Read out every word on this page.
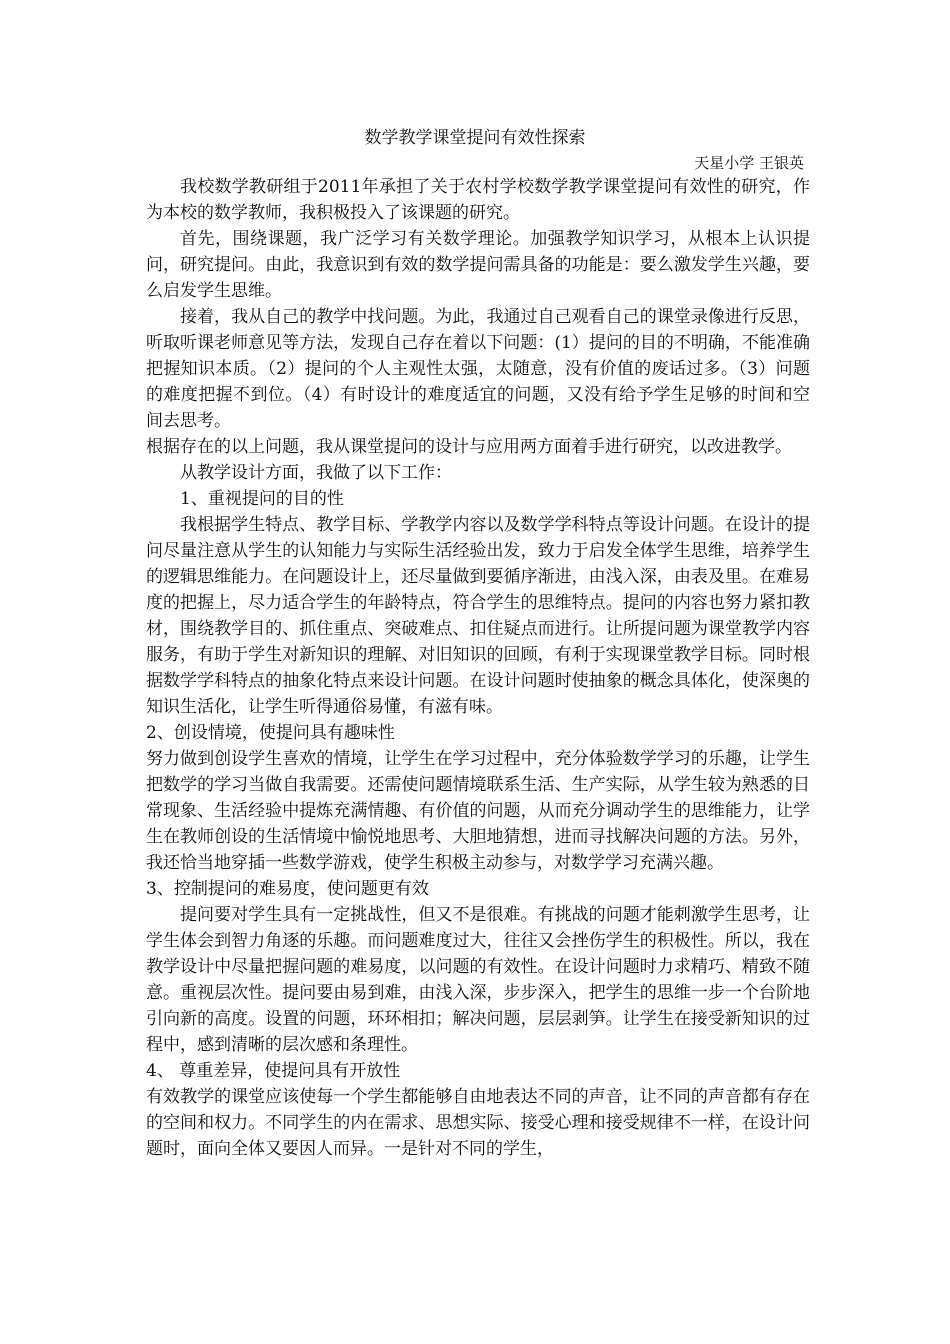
数学教学课堂提问有效性探索
天星小学 王银英

我校数学教研组于2011年承担了关于农村学校数学教学课堂提问有效性的研究，作为本校的数学教师，我积极投入了该课题的研究。

首先，围绕课题，我广泛学习有关数学理论。加强教学知识学习，从根本上认识提问，研究提问。由此，我意识到有效的数学提问需具备的功能是：要么激发学生兴趣，要么启发学生思维。

接着，我从自己的教学中找问题。为此，我通过自己观看自己的课堂录像进行反思，听取听课老师意见等方法，发现自己存在着以下问题：(1）提问的目的不明确，不能准确把握知识本质。（2）提问的个人主观性太强，太随意，没有价值的废话过多。（3）问题的难度把握不到位。（4）有时设计的难度适宜的问题，又没有给予学生足够的时间和空间去思考。

根据存在的以上问题，我从课堂提问的设计与应用两方面着手进行研究，以改进教学。

从教学设计方面，我做了以下工作：

1、重视提问的目的性

我根据学生特点、教学目标、学教学内容以及数学学科特点等设计问题。在设计的提问尽量注意从学生的认知能力与实际生活经验出发，致力于启发全体学生思维，培养学生的逻辑思维能力。在问题设计上，还尽量做到要循序渐进，由浅入深，由表及里。在难易度的把握上，尽力适合学生的年龄特点，符合学生的思维特点。提问的内容也努力紧扣教材，围绕教学目的、抓住重点、突破难点、扣住疑点而进行。让所提问题为课堂教学内容服务，有助于学生对新知识的理解、对旧知识的回顾，有利于实现课堂教学目标。同时根据数学学科特点的抽象化特点来设计问题。在设计问题时使抽象的概念具体化，使深奥的知识生活化，让学生听得通俗易懂，有滋有味。

2、创设情境，使提问具有趣味性

努力做到创设学生喜欢的情境，让学生在学习过程中，充分体验数学学习的乐趣，让学生把数学的学习当做自我需要。还需使问题情境联系生活、生产实际，从学生较为熟悉的日常现象、生活经验中提炼充满情趣、有价值的问题，从而充分调动学生的思维能力，让学生在教师创设的生活情境中愉悦地思考、大胆地猜想，进而寻找解决问题的方法。另外，我还恰当地穿插一些数学游戏，使学生积极主动参与，对数学学习充满兴趣。

3、控制提问的难易度，使问题更有效

提问要对学生具有一定挑战性，但又不是很难。有挑战的问题才能刺激学生思考，让学生体会到智力角逐的乐趣。而问题难度过大，往往又会挫伤学生的积极性。所以，我在教学设计中尽量把握问题的难易度，以问题的有效性。在设计问题时力求精巧、精致不随意。重视层次性。提问要由易到难，由浅入深，步步深入，把学生的思维一步一个台阶地引向新的高度。设置的问题，环环相扣；解决问题，层层剥笋。让学生在接受新知识的过程中，感到清晰的层次感和条理性。

4、 尊重差异，使提问具有开放性

有效教学的课堂应该使每一个学生都能够自由地表达不同的声音，让不同的声音都有存在的空间和权力。不同学生的内在需求、思想实际、接受心理和接受规律不一样，在设计问题时，面向全体又要因人而异。一是针对不同的学生，
